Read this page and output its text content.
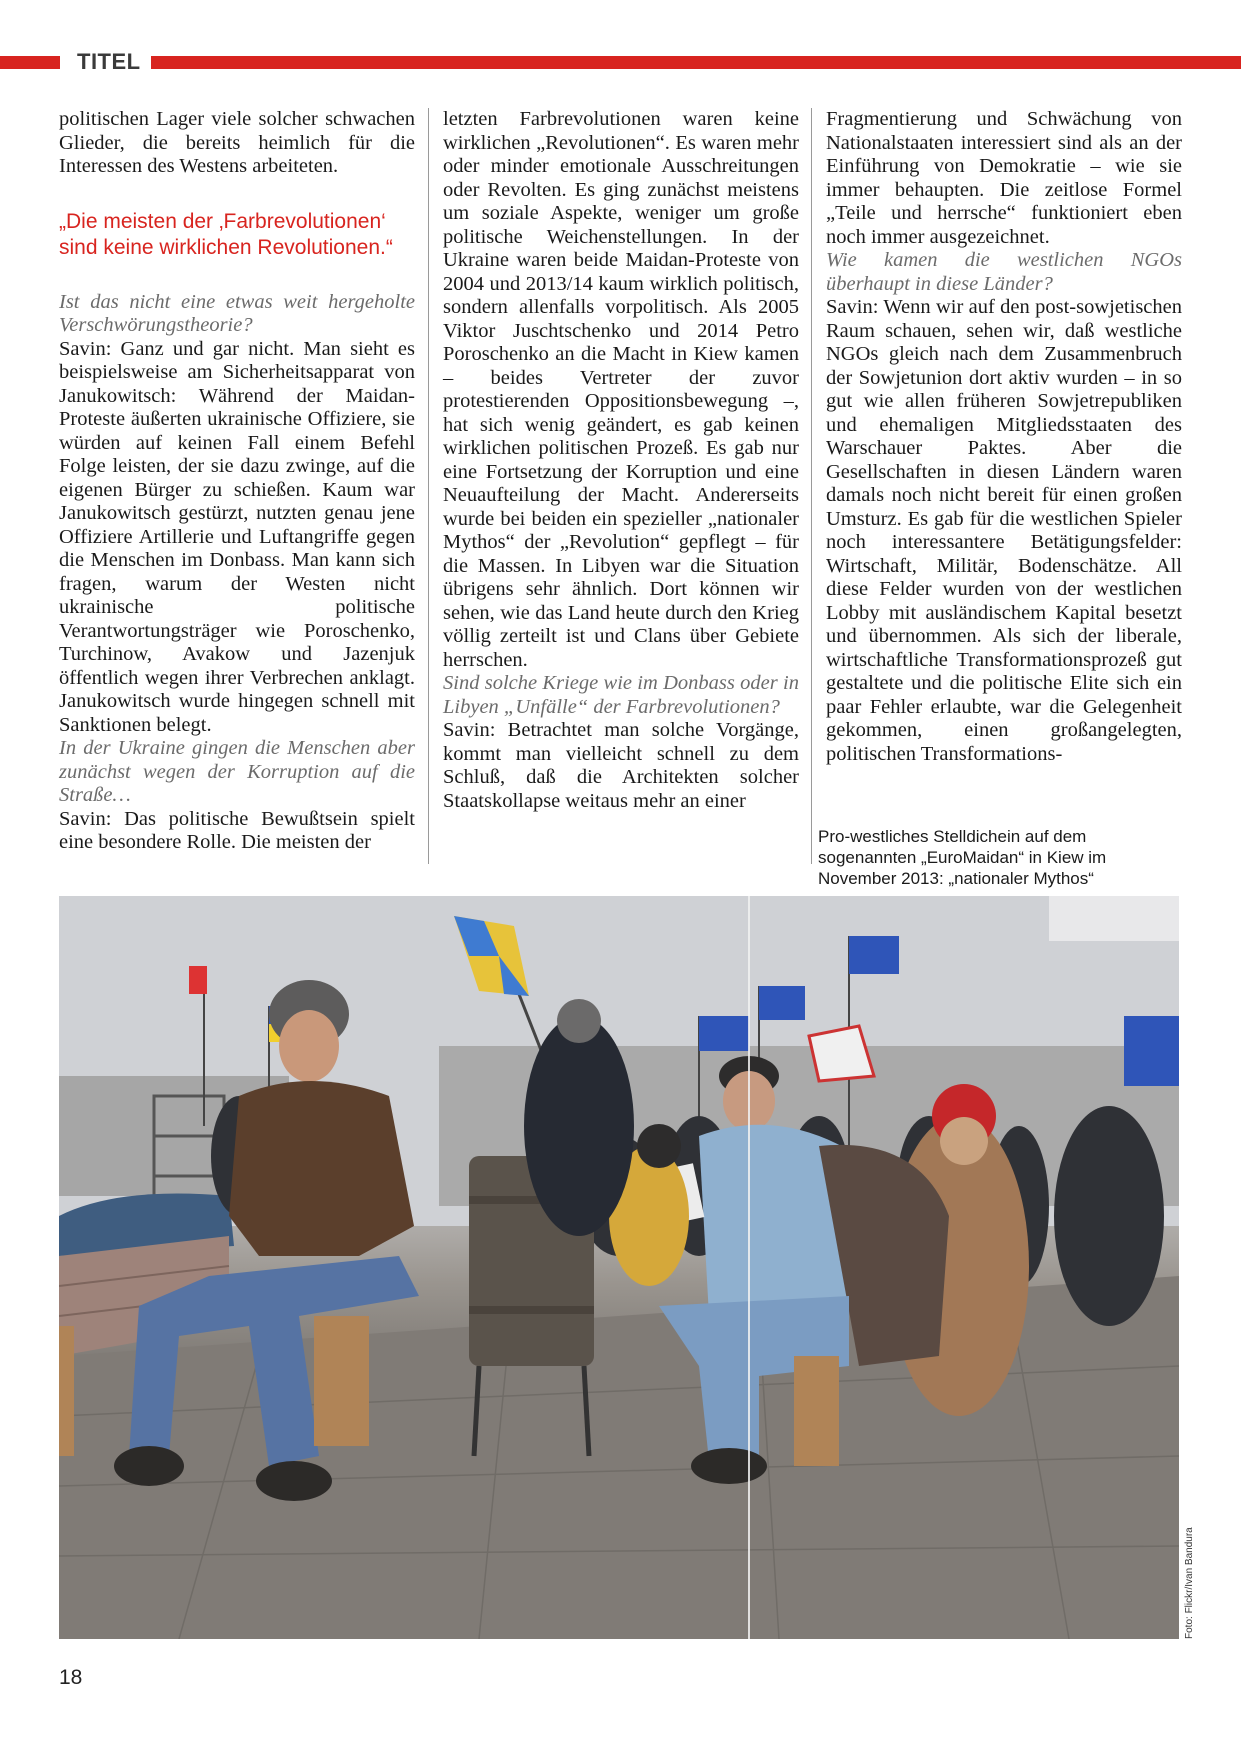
TITEL

politischen Lager viele solcher schwachen Glieder, die bereits heimlich für die Interessen des Westens arbeiteten.

„Die meisten der ‚Farbrevolutionen‘ sind keine wirklichen Revolutionen.“

Ist das nicht eine etwas weit hergeholte Verschwörungstheorie?

Savin: Ganz und gar nicht. Man sieht es beispielsweise am Sicherheitsapparat von Janukowitsch: Während der Maidan-Proteste äußerten ukrainische Offiziere, sie würden auf keinen Fall einem Befehl Folge leisten, der sie dazu zwinge, auf die eigenen Bürger zu schießen. Kaum war Janukowitsch gestürzt, nutzten genau jene Offiziere Artillerie und Luftangriffe gegen die Menschen im Donbass. Man kann sich fragen, warum der Westen nicht ukrainische politische Verantwortungsträger wie Poroschenko, Turchinow, Avakow und Jazenjuk öffentlich wegen ihrer Verbrechen anklagt. Janukowitsch wurde hingegen schnell mit Sanktionen belegt.

In der Ukraine gingen die Menschen aber zunächst wegen der Korruption auf die Straße…

Savin: Das politische Bewußtsein spielt eine besondere Rolle. Die meisten der

letzten Farbrevolutionen waren keine wirklichen „Revolutionen“. Es waren mehr oder minder emotionale Ausschreitungen oder Revolten. Es ging zunächst meistens um soziale Aspekte, weniger um große politische Weichenstellungen. In der Ukraine waren beide Maidan-Proteste von 2004 und 2013/14 kaum wirklich politisch, sondern allenfalls vorpolitisch. Als 2005 Viktor Juschtschenko und 2014 Petro Poroschenko an die Macht in Kiew kamen – beides Vertreter der zuvor protestierenden Oppositionsbewegung –, hat sich wenig geändert, es gab keinen wirklichen politischen Prozeß. Es gab nur eine Fortsetzung der Korruption und eine Neuaufteilung der Macht. Andererseits wurde bei beiden ein spezieller „nationaler Mythos“ der „Revolution“ gepflegt – für die Massen. In Libyen war die Situation übrigens sehr ähnlich. Dort können wir sehen, wie das Land heute durch den Krieg völlig zerteilt ist und Clans über Gebiete herrschen.

Sind solche Kriege wie im Donbass oder in Libyen „Unfälle“ der Farbrevolutionen?

Savin: Betrachtet man solche Vorgänge, kommt man vielleicht schnell zu dem Schluß, daß die Architekten solcher Staatskollapse weitaus mehr an einer

Fragmentierung und Schwächung von Nationalstaaten interessiert sind als an der Einführung von Demokratie – wie sie immer behaupten. Die zeitlose Formel „Teile und herrsche“ funktioniert eben noch immer ausgezeichnet.

Wie kamen die westlichen NGOs überhaupt in diese Länder?

Savin: Wenn wir auf den post-sowjetischen Raum schauen, sehen wir, daß westliche NGOs gleich nach dem Zusammenbruch der Sowjetunion dort aktiv wurden – in so gut wie allen früheren Sowjetrepubliken und ehemaligen Mitgliedsstaaten des Warschauer Paktes. Aber die Gesellschaften in diesen Ländern waren damals noch nicht bereit für einen großen Umsturz. Es gab für die westlichen Spieler noch interessantere Betätigungsfelder: Wirtschaft, Militär, Bodenschätze. All diese Felder wurden von der westlichen Lobby mit ausländischem Kapital besetzt und übernommen. Als sich der liberale, wirtschaftliche Transformationsprozeß gut gestaltete und die politische Elite sich ein paar Fehler erlaubte, war die Gelegenheit gekommen, einen großangelegten, politischen Transformations-

Pro-westliches Stelldichein auf dem sogenannten „EuroMaidan“ in Kiew im November 2013: „nationaler Mythos“
Foto: Flickr/Ivan Bandura
18
